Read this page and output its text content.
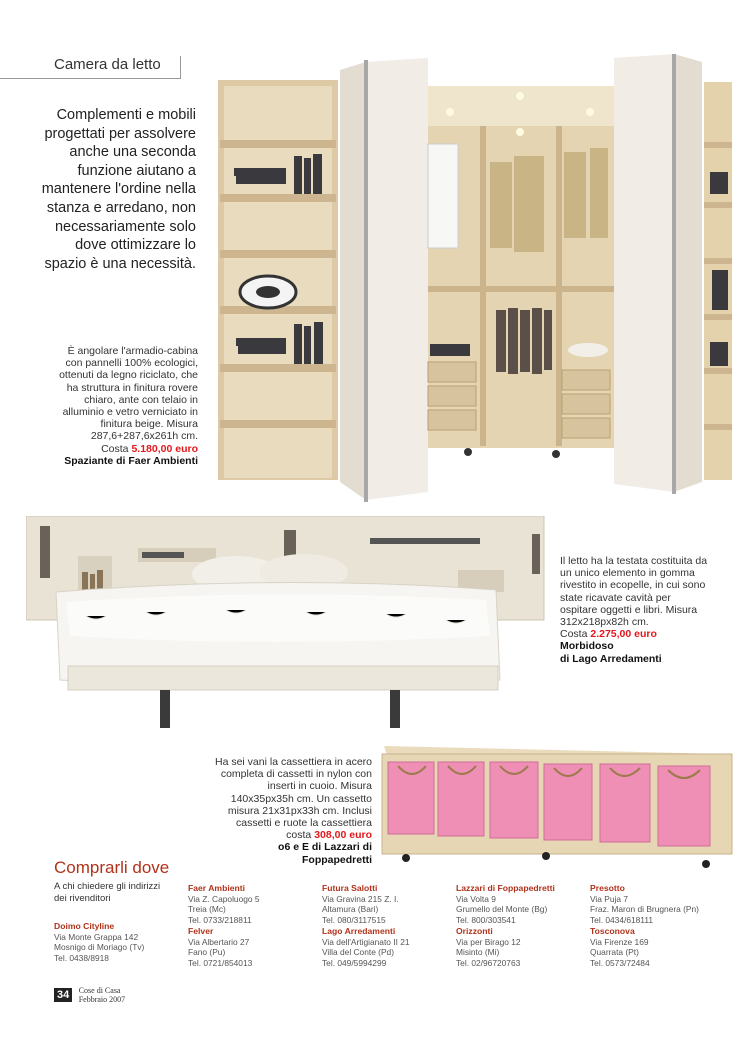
Camera da letto
Complementi e mobili progettati per assolvere anche una seconda funzione aiutano a mantenere l'ordine nella stanza e arredano, non necessariamente solo dove ottimizzare lo spazio è una necessità.
È angolare l'armadio-cabina con pannelli 100% ecologici, ottenuti da legno riciclato, che ha struttura in finitura rovere chiaro, ante con telaio in alluminio e vetro verniciato in finitura beige. Misura 287,6+287,6x261h cm.
Costa 5.180,00 euro
Spaziante di Faer Ambienti
Il letto ha la testata costituita da un unico elemento in gomma rivestito in ecopelle, in cui sono state ricavate cavità per ospitare oggetti e libri. Misura 312x218px82h cm.
Costa 2.275,00 euro
Morbidoso
di Lago Arredamenti
Ha sei vani la cassettiera in acero completa di cassetti in nylon con inserti in cuoio. Misura 140x35px35h cm. Un cassetto misura 21x31px33h cm. Inclusi cassetti e ruote la cassettiera costa 308,00 euro
o6 e E di Lazzari di Foppapedretti
Comprarli dove
A chi chiedere gli indirizzi dei rivenditori
Doimo Cityline
Via Monte Grappa 142
Mosnigo di Moriago (Tv)
Tel. 0438/8918
Faer Ambienti
Via Z. Capoluogo 5
Treia (Mc)
Tel. 0733/218811
Felver
Via Albertario 27
Fano (Pu)
Tel. 0721/854013
Futura Salotti
Via Gravina 215 Z. I.
Altamura (Bari)
Tel. 080/3117515
Lago Arredamenti
Via dell'Artigianato II 21
Villa del Conte (Pd)
Tel. 049/5994299
Lazzari di Foppapedretti
Via Volta 9
Grumello del Monte (Bg)
Tel. 800/303541
Orizzonti
Via per Birago 12
Misinto (Mi)
Tel. 02/96720763
Presotto
Via Puja 7
Fraz. Maron di Brugnera (Pn)
Tel. 0434/618111
Tosconova
Via Firenze 169
Quarrata (Pt)
Tel. 0573/72484
34 Cose di Casa
Febbraio 2007
